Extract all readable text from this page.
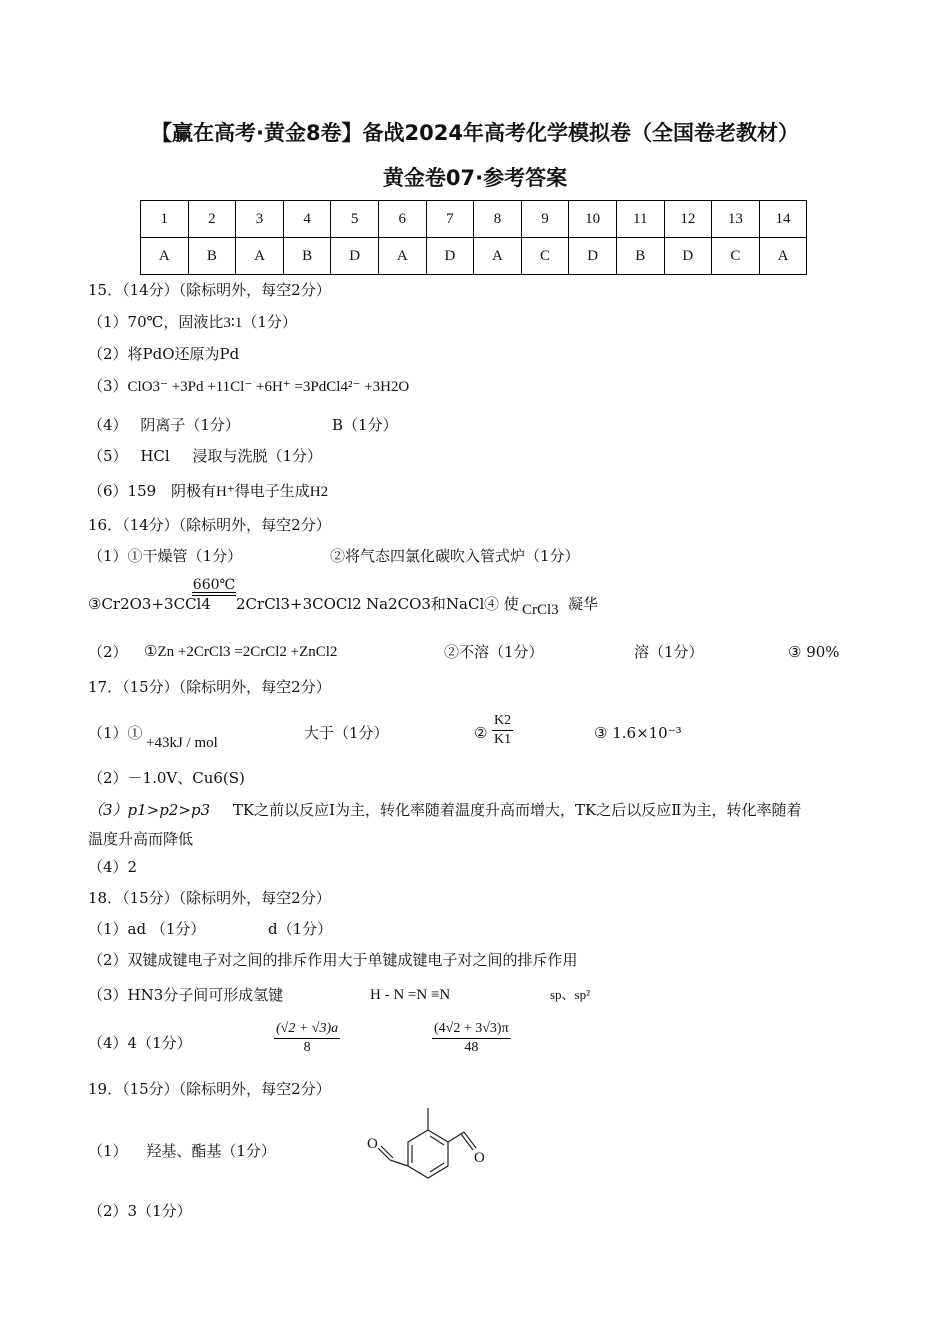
【赢在高考·黄金8卷】备战2024年高考化学模拟卷（全国卷老教材）
黄金卷07·参考答案
1	2	3	4	5	6	7	8	9	10	11	12	13	14
A	B	A	B	D	A	D	A	C	D	B	D	C	A
15．（14分）（除标明外，每空2分）
（1）70℃，固液比3∶1（1分）
（2）将PdO还原为Pd
（3）ClO3⁻ +3Pd +11Cl⁻ +6H⁺ =3PdCl4²⁻ +3H2O
（4） 阴离子（1分）	B（1分）
（5） HCl 浸取与洗脱（1分）
（6）159 阴极有H⁺得电子生成H2
16．（14分）（除标明外，每空2分）
（1）①干燥管（1分）	②将气态四氯化碳吹入管式炉（1分）
③Cr2O3+3CCl4
660℃
2CrCl3+3COCl2 Na2CO3和NaCl ④ 使 CrCl3 凝华
（2） ①Zn +2CrCl3 =2CrCl2 +ZnCl2	②不溶（1分）	溶（1分）	③ 90%
17．（15分）（除标明外，每空2分）
（1）①
+43kJ / mol
大于（1分）	② $\frac{K2}{K1}$	③ 1.6×10⁻³
（2）－1.0V、Cu6(S)
（3）p1>p2>p3 TK之前以反应Ⅰ为主，转化率随着温度升高而增大，TK之后以反应Ⅱ为主，转化率随着
温度升高而降低
（4）2
18．（15分）（除标明外，每空2分）
（1）ad （1分）	d（1分）
（2）双键成键电子对之间的排斥作用大于单键成键电子对之间的排斥作用
（3）HN3分子间可形成氢键	H - N =N ≡N	sp、sp²
（4）4（1分）	$\frac{(√2 + √3)a}{8}$	$\frac{(4√2 + 3√3)\pi}{48}$
19．（15分）（除标明外，每空2分）
（1） 羟基、酯基（1分）	O
O
（2）3（1分）
